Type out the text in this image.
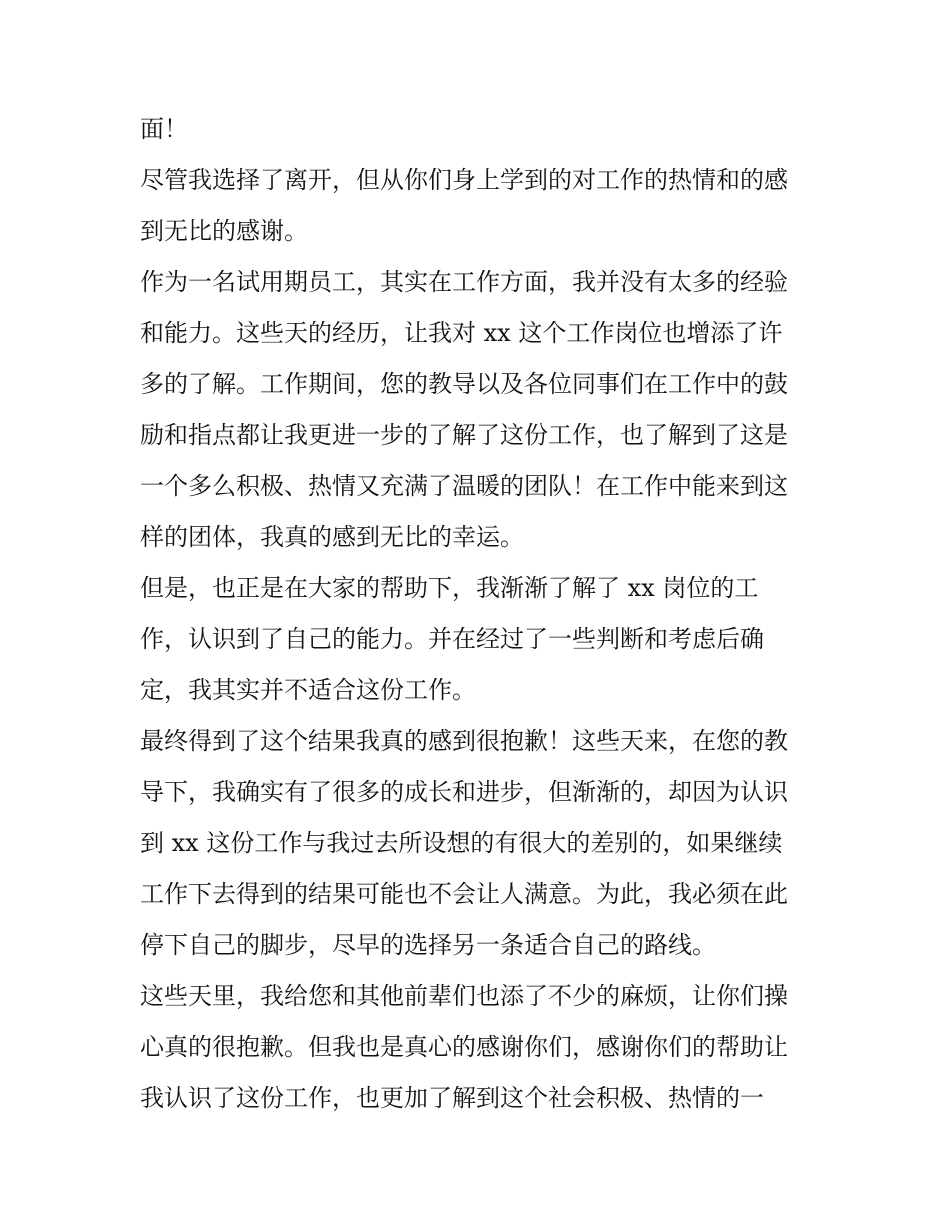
面！
尽管我选择了离开，但从你们身上学到的对工作的热情和的感
到无比的感谢。
作为一名试用期员工，其实在工作方面，我并没有太多的经验
和能力。这些天的经历，让我对 xx 这个工作岗位也增添了许
多的了解。工作期间，您的教导以及各位同事们在工作中的鼓
励和指点都让我更进一步的了解了这份工作，也了解到了这是
一个多么积极、热情又充满了温暖的团队！在工作中能来到这
样的团体，我真的感到无比的幸运。
但是，也正是在大家的帮助下，我渐渐了解了 xx 岗位的工
作，认识到了自己的能力。并在经过了一些判断和考虑后确
定，我其实并不适合这份工作。
最终得到了这个结果我真的感到很抱歉！这些天来，在您的教
导下，我确实有了很多的成长和进步，但渐渐的，却因为认识
到 xx 这份工作与我过去所设想的有很大的差别的，如果继续
工作下去得到的结果可能也不会让人满意。为此，我必须在此
停下自己的脚步，尽早的选择另一条适合自己的路线。
这些天里，我给您和其他前辈们也添了不少的麻烦，让你们操
心真的很抱歉。但我也是真心的感谢你们，感谢你们的帮助让
我认识了这份工作，也更加了解到这个社会积极、热情的一
